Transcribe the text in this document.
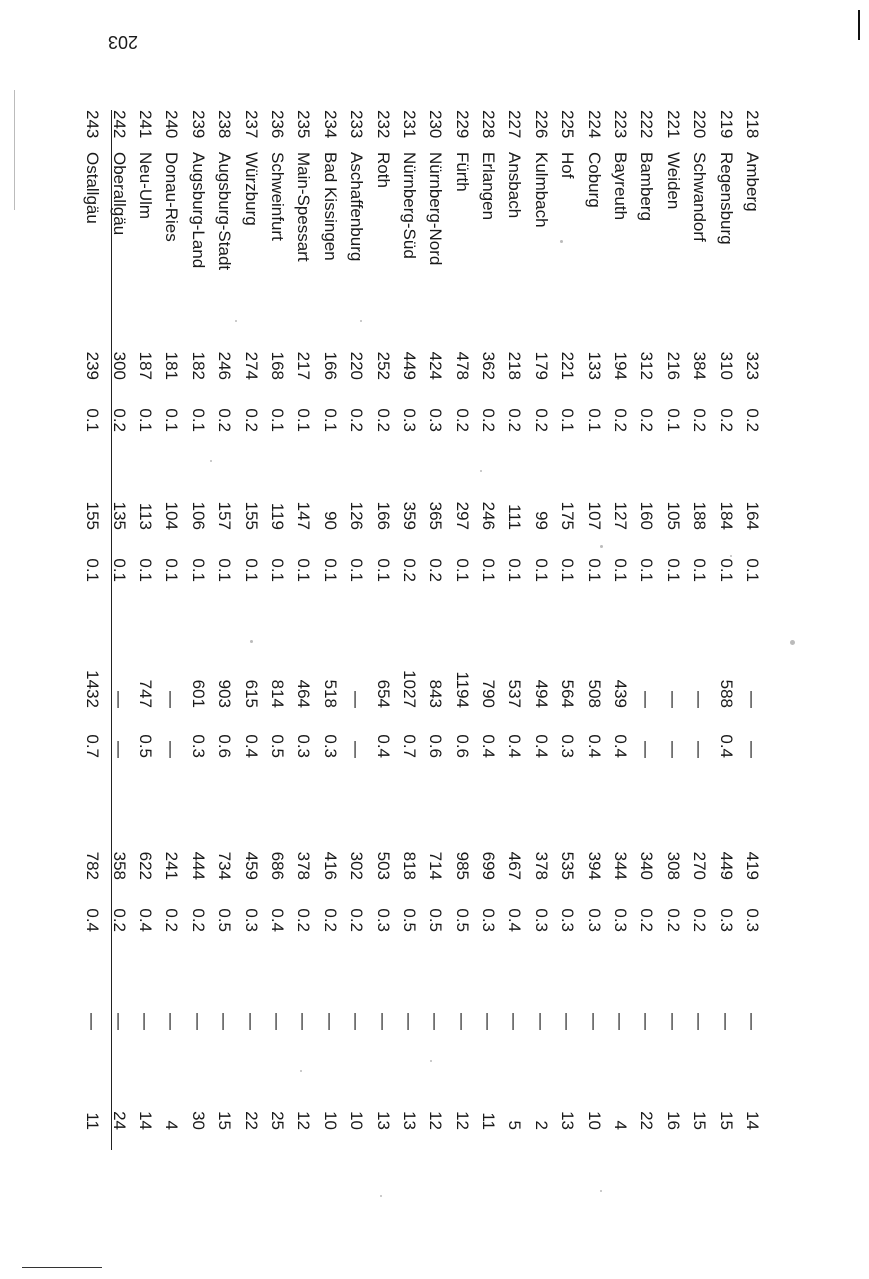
203
218
Amberg
323
0.2
164
0.1
—
—
419
0.3
—
14
219
Regensburg
310
0.2
184
0.1
588
0.4
449
0.3
—
15
220
Schwandorf
384
0.2
188
0.1
—
—
270
0.2
—
15
221
Weiden
216
0.1
105
0.1
—
—
308
0.2
—
16
222
Bamberg
312
0.2
160
0.1
—
—
340
0.2
—
22
223
Bayreuth
194
0.2
127
0.1
439
0.4
344
0.3
—
4
224
Coburg
133
0.1
107
0.1
508
0.4
394
0.3
—
10
225
Hof
221
0.1
175
0.1
564
0.3
535
0.3
—
13
226
Kulmbach
179
0.2
99
0.1
494
0.4
378
0.3
—
2
227
Ansbach
218
0.2
111
0.1
537
0.4
467
0.4
—
5
228
Erlangen
362
0.2
246
0.1
790
0.4
699
0.3
—
11
229
Fürth
478
0.2
297
0.1
1194
0.6
985
0.5
—
12
230
Nürnberg-Nord
424
0.3
365
0.2
843
0.6
714
0.5
—
12
231
Nürnberg-Süd
449
0.3
359
0.2
1027
0.7
818
0.5
—
13
232
Roth
252
0.2
166
0.1
654
0.4
503
0.3
—
13
233
Aschaffenburg
220
0.2
126
0.1
—
—
302
0.2
—
10
234
Bad Kissingen
166
0.1
90
0.1
518
0.3
416
0.2
—
10
235
Main-Spessart
217
0.1
147
0.1
464
0.3
378
0.2
—
12
236
Schweinfurt
168
0.1
119
0.1
814
0.5
686
0.4
—
25
237
Würzburg
274
0.2
155
0.1
615
0.4
459
0.3
—
22
238
Augsburg-Stadt
246
0.2
157
0.1
903
0.6
734
0.5
—
15
239
Augsburg-Land
182
0.1
106
0.1
601
0.3
444
0.2
—
30
240
Donau-Ries
181
0.1
104
0.1
—
—
241
0.2
—
4
241
Neu-Ulm
187
0.1
113
0.1
747
0.5
622
0.4
—
14
242
Oberallgäu
300
0.2
135
0.1
—
—
358
0.2
—
24
243
Ostallgäu
239
0.1
155
0.1
1432
0.7
782
0.4
—
11
